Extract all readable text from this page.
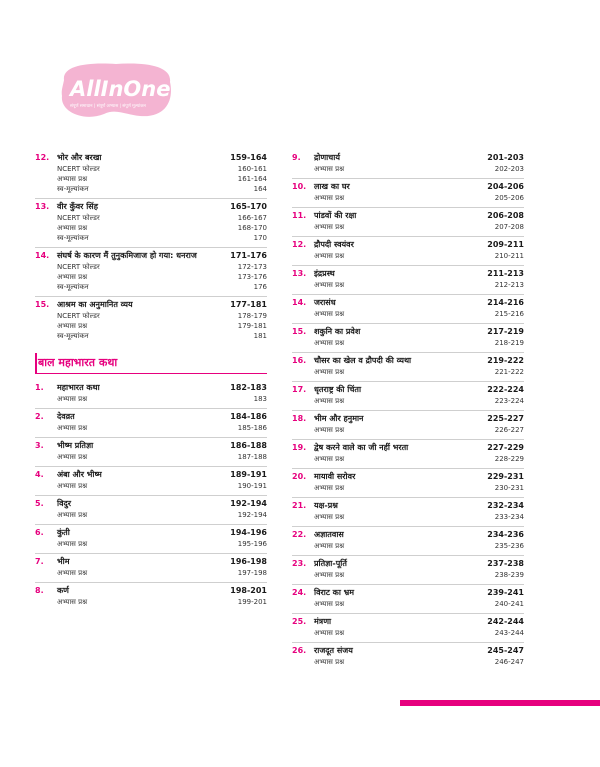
AllInOne
संपूर्ण समाधान | संपूर्ण अभ्यास | संपूर्ण मूल्यांकन
12. भोर और बरखा	159-164
NCERT फोल्डर	160-161
अभ्यास प्रश्न	161-164
स्व-मूल्यांकन	164
13. वीर कुँवर सिंह	165-170
NCERT फोल्डर	166-167
अभ्यास प्रश्न	168-170
स्व-मूल्यांकन	170
14. संघर्ष के कारण मैं तुनुकमिजाज हो गया: धनराज	171-176
NCERT फोल्डर	172-173
अभ्यास प्रश्न	173-176
स्व-मूल्यांकन	176
15. आश्रम का अनुमानित व्यय	177-181
NCERT फोल्डर	178-179
अभ्यास प्रश्न	179-181
स्व-मूल्यांकन	181
बाल महाभारत कथा
1.	महाभारत कथा	182-183
अभ्यास प्रश्न	183
2.	देवव्रत	184-186
अभ्यास प्रश्न	185-186
3.	भीष्म प्रतिज्ञा	186-188
अभ्यास प्रश्न	187-188
4.	अंबा और भीष्म	189-191
अभ्यास प्रश्न	190-191
5.	विदुर	192-194
अभ्यास प्रश्न	192-194
6.	कुंती	194-196
अभ्यास प्रश्न	195-196
7.	भीम	196-198
अभ्यास प्रश्न	197-198
8.	कर्ण	198-201
अभ्यास प्रश्न	199-201
9.	द्रोणाचार्य	201-203
अभ्यास प्रश्न	202-203
10. लाख का घर	204-206
अभ्यास प्रश्न	205-206
11. पांडवों की रक्षा	206-208
अभ्यास प्रश्न	207-208
12. द्रौपदी स्वयंवर	209-211
अभ्यास प्रश्न	210-211
13. इंद्रप्रस्थ	211-213
अभ्यास प्रश्न	212-213
14. जरासंध	214-216
अभ्यास प्रश्न	215-216
15. शकुनि का प्रवेश	217-219
अभ्यास प्रश्न	218-219
16. चौसर का खेल व द्रौपदी की व्यथा	219-222
अभ्यास प्रश्न	221-222
17. धृतराष्ट्र की चिंता	222-224
अभ्यास प्रश्न	223-224
18. भीम और हनुमान	225-227
अभ्यास प्रश्न	226-227
19. द्वेष करने वाले का जी नहीं भरता	227-229
अभ्यास प्रश्न	228-229
20. मायावी सरोवर	229-231
अभ्यास प्रश्न	230-231
21. यक्ष-प्रश्न	232-234
अभ्यास प्रश्न	233-234
22. अज्ञातवास	234-236
अभ्यास प्रश्न	235-236
23. प्रतिज्ञा-पूर्ति	237-238
अभ्यास प्रश्न	238-239
24. विराट का भ्रम	239-241
अभ्यास प्रश्न	240-241
25. मंत्रणा	242-244
अभ्यास प्रश्न	243-244
26. राजदूत संजय	245-247
अभ्यास प्रश्न	246-247
